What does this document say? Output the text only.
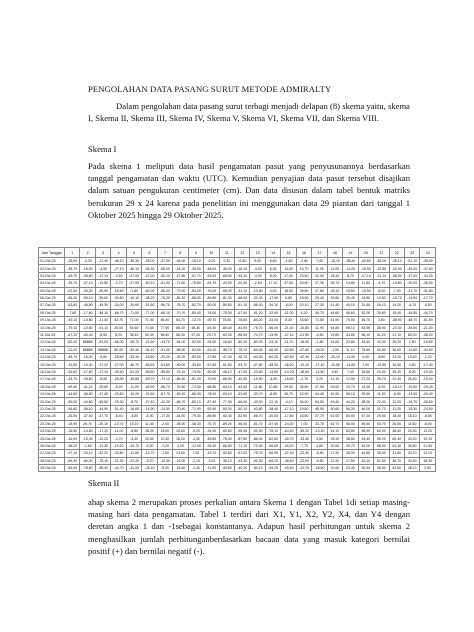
PENGOLAHAN DATA PASANG SURUT METODE ADMIRALTY

Dalam pengolahan data pasang surut terbagi menjadi delapan (8) skema yaitu, skema I, Skema II, Skema III, Skema IV, Skema V, Skema VI, Skema VII, dan Skema VIII.

Skema I

Pada skema 1 meliputi data hasil pengamatan pasut yang penyusunannya berdasarkan tanggal pengamatan dan waktu (UTC). Kemudian penyajian data pasut tersebut disajikan dalam satuan pengukuran centimeter (cm). Dan data disusun dalam tabel bentuk matriks berukuran 29 x 24 karena pada penelitian ini menggunakan data 29 piantan dari tanggal 1 Oktober 2025 hingga 29 Oktober 2025.

Jam Tanggal	1	2	3	4	5	6	7	8	9	10	11	12	13	14	15	16	17	18	19	20	21	22	23	24
01-Oct-25	-28,00	-4,30	-21,40	-46,10	-39,30	-45,00	-37,90	-46,00	-16,10	-9,20	9,30	11,80	9,90	6,60	-1,80	-2,80	7,40	-16,10	-38,40	-40,60	-48,00	-45,10	-51,10	-48,90
02-Oct-25	-38,70	-18,00	-4,50	-27,10	-46,10	-56,30	-58,00	-44,20	-39,00	-48,00	-36,00	-18,10	-4,00	6,30	13,00	15,70	11,00	11,00	-12,00	-15,50	-22,80	-32,90	-45,20	-47,60
03-Oct-25	-45,70	-36,50	-17,10	-4,50	-27,00	-47,00	-50,10	-47,80	-61,70	-53,40	-68,00	-33,10	-4,90	8,00	17,00	23,50	22,90	18,40	8,70	-17,10	-21,10	-38,50	-37,00	-44,30
04-Oct-25	-35,70	-37,10	-19,50	-2,70	-27,50	-50,10	-61,90	-71,60	-75,80	-61,70	-43,00	-20,30	-2,50	17,10	27,50	30,90	27,30	26,70	14,80	11,80	-4,70	-15,80	-30,00	-36,50
05-Oct-25	-51,50	-39,20	-30,90	-18,50	-1,80	-60,00	-56,00	-73,90	-84,20	-76,00	-58,00	-31,10	-10,60	4,00	18,50	28,80	27,80	28,10	19,60	-15,50	-5,00	-7,00	-21,70	-31,80
06-Oct-25	-66,40	-50,10	-39,60	-30,80	-16,10	-38,20	-76,20	-81,10	-86,00	-89,50	-81,30	-68,40	-32,40	-17,60	6,60	18,90	29,40	33,80	35,40	24,60	13,50	-18,70	-14,50	-17,70
07-Oct-25	-63,60	-46,80	-49,30	-34,00	-20,60	-51,50	-56,70	-78,70	-82,70	-90,00	-89,50	-81,10	-56,00	-39,10	-6,00	20,10	27,30	41,40	40,10	31,60	26,10	14,20	-4,70	-9,50
08-Oct-25	-7,60	-17,60	-56,10	-66,70	-71,00	-77,00	-66,10	-70,70	-80,40	-76,00	-75,00	-67,90	-61,20	-22,40	-11,00	6,20	49,70	46,60	48,60	52,00	25,60	15,40	-46,80	-44,70
09-Oct-25	-49,10	-14,80	-21,00	53,70	71,00	71,50	56,40	54,70	-13,70	-69,70	75,00	-78,60	-64,20	-34,00	5,30	43,60	71,50	61,90	70,00	46,70	3,80	-38,90	-48,70	-61,50
10-Oct-25	-79,10	-10,50	-51,10	26,00	55,50	71,60	77,90	68,40	58,40	-69,30	-80,40	-83,90	-76,70	-56,40	-21,40	-10,80	11,90	54,80	65,10	63,90	35,90	-20,30	-34,60	-21,30
11-Oct-25	-67,20	-60,40	-6,50	8,20	38,40	50,40	56,40	58,30	57,00	29,70	-63,30	-86,00	-74,70	-13,90	-37,10	-21,50	-4,50	29,80	43,80	56,10	41,20	21,10	80,00	-38,20
12-Oct-25	-82,00	88888	-81,00	-66,00	-28,70	-21,60	-13,70	-64,00	-62,00	-24,00	-16,60	-80,20	-80,00	-24,10	-11,70	-18,90	-1,80	14,60	33,80	44,40	43,30	25,20	2,50	-19,80
13-Oct-25	-22,00	88888	88888	80,90	-30,40	-34,10	-51,00	-68,90	-62,00	-63,10	-38,70	-78,70	-64,40	-66,40	-62,60	-47,60	-26,20	-1,50	11,10	75,60	40,80	36,60	-12,80	-44,90
14-Oct-25	-48,70	-16,20	-9,80	-28,60	-33,40	-18,60	-29,20	-39,20	-59,00	-37,80	-47,40	-38,70	-64,30	-60,30	-62,50	-42,90	-41,60	-26,10	-11,60	0,00	-8,60	24,20	13,40	-1,20
15-Oct-25	-19,50	-10,40	-17,20	-27,00	-46,70	-56,50	-61,60	-40,00	-33,60	-57,60	-61,50	-53,70	-47,60	-48,30	-48,20	-10,10	-17,40	-10,50	-14,80	2,00	-19,50	10,50	0,60	-17,40
16-Oct-25	-26,60	-17,80	-27,20	-39,60	-51,20	-56,80	-59,80	-76,10	-79,90	-50,00	-48,10	-47,00	-23,60	-13,90	-14,20	-18,60	-12,80	9,40	7,40	16,60	19,30	35,40	8,20	-19,40
17-Oct-25	-44,70	-28,60	-8,60	-28,90	-45,80	-59,70	-73,10	-86,30	-81,00	-70,90	-68,90	-49,40	-19,50	-4,00	-18,60	-2,70	3,20	11,10	12,90	27,20	39,70	22,40	25,40	-15,00
18-Oct-25	-55,40	-41,10	-29,60	-8,20	-11,00	-46,90	-68,70	-76,60	-74,30	-66,50	-64,10	-44,60	-11,50	10,80	29,50	36,80	37,50	29,00	29,70	14,90	-8,20	-15,10	-19,50	-29,40
19-Oct-25	-44,60	-36,60	-47,40	-29,50	-10,20	-31,50	-57,70	-83,20	-86,30	-78,00	-69,10	-51,50	-30,70	-8,80	26,70	42,90	44,40	41,90	35,10	25,60	11,20	-6,90	-23,50	-20,40
20-Oct-25	-59,00	-44,60	-55,50	-25,30	-8,70	-27,40	-42,20	-68,70	-80,10	-87,40	-77,30	-66,40	-43,00	-22,10	-4,10	34,00	54,50	49,40	44,20	38,00	22,40	12,00	-14,70	-26,60
21-Oct-25	-54,60	-56,10	-44,90	-51,40	-16,60	-14,90	-24,50	-70,90	-71,90	-92,90	-89,30	-80,10	-63,80	-38,40	-17,10	19,60	48,90	60,60	56,30	46,00	31,70	11,20	-15,30	-24,50
22-Oct-25	-26,30	-47,40	-47,70	-8,40	-4,80	-6,30	-17,30	-44,50	-79,30	-89,80	-92,40	-82,90	-66,70	-40,00	-17,80	16,80	37,70	61,00	60,90	47,20	29,50	18,40	18,10	-6,50
23-Oct-25	-18,90	26,70	-20,10	-13,70	15,10	11,40	-2,00	-35,00	-48,30	-75,70	-89,20	-96,00	-81,70	-57,40	-24,30	7,00	33,70	52,70	58,00	59,40	53,70	26,60	11,60	-6,00
24-Oct-25	-18,50	-14,60	-17,20	-11,00	-8,80	18,00	16,00	16,80	-9,20	-34,90	-65,50	-95,40	-93,90	-75,10	-64,40	-35,20	-10,30	44,10	53,80	55,90	60,30	48,40	29,30	11,20
25-Oct-25	-16,90	-15,40	-12,20	-4,70	-3,40	20,40	10,30	18,20	-4,30	-45,80	-76,30	-87,50	-86,40	-62,60	-40,70	-13,40	3,50	28,30	38,60	44,40	59,20	60,40	40,20	19,10
26-Oct-25	-38,20	-1,50	-21,30	-19,20	-16,70	-5,20	-2,20	3,20	-12,50	-39,10	-66,80	-71,10	-72,40	-56,60	-40,20	-7,70	4,80	20,50	35,70	49,00	58,00	61,30	39,80	21,50
27-Oct-25	-97,10	-34,10	-42,20	-30,80	-11,60	-14,70	-1,50	13,60	7,00	-19,70	-52,60	-57,00	-78,70	-66,90	-37,40	-22,30	-6,50	17,20	38,00	44,80	35,40	31,60	30,10	11,10
28-Oct-25	-89,30	-80,20	-75,10	-31,30	-22,20	-8,70	-14,30	-19,00	-2,10	-3,00	-36,10	-44,30	-52,50	-69,20	-48,40	-22,00	-6,60	12,20	17,50	40,10	51,50	46,70	33,40	18,30
29-Oct-25	-55,40	-78,80	-58,40	-44,70	-41,00	-28,10	-5,00	-16,60	-2,40	-11,50	-30,50	-40,20	-50,10	-59,20	-49,40	-20,70	-18,60	10,90	23,30	30,40	38,90	42,60	28,10	2,90

Skema II

ahap skema 2 merupakan proses perkalian antara Skema 1 dengan Tabel 1di setiap masing-masing hari data pengamatan. Tabel 1 terdiri dari X1, Y1, X2, Y2, X4, dan Y4 dengan deretan angka 1 dan -1sebagai konstantanya. Adapun hasil perhitungan untuk skema 2 menghasilkan jumlah perhitunganberdasarkan bacaan data yang masuk kategori bernilai positif (+) dan bernilai negatif (-).
